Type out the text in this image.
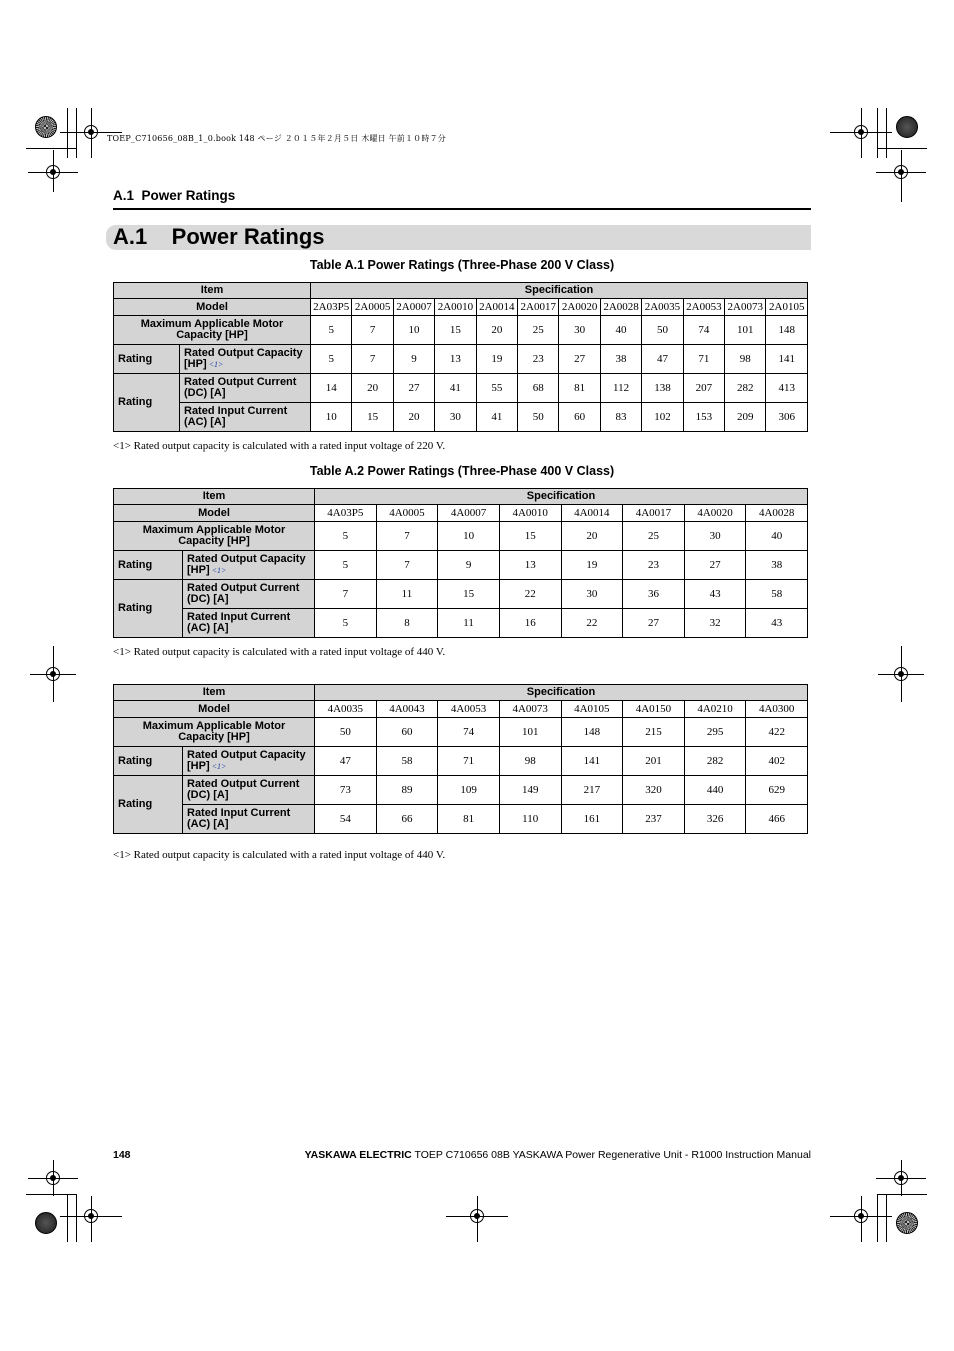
TOEP_C710656_08B_1_0.book 148 ページ ２０１５年２月５日 木曜日 午前１０時７分
A.1  Power Ratings
A.1    Power Ratings
Table A.1 Power Ratings (Three-Phase 200 V Class)
Item		Specification											
Model		2A03P5	2A0005	2A0007	2A0010	2A0014	2A0017	2A0020	2A0028	2A0035	2A0053	2A0073	2A0105
Maximum Applicable Motor Capacity [HP]		5	7	10	15	20	25	30	40	50	74	101	148
Rating	Rated Output Capacity [HP] <1>	5	7	9	13	19	23	27	38	47	71	98	141
Rating	Rated Output Current (DC) [A]	14	20	27	41	55	68	81	112	138	207	282	413
	Rated Input Current (AC) [A]	10	15	20	30	41	50	60	83	102	153	209	306
<1> Rated output capacity is calculated with a rated input voltage of 220 V.
Table A.2 Power Ratings (Three-Phase 400 V Class)
Item		Specification							
Model		4A03P5	4A0005	4A0007	4A0010	4A0014	4A0017	4A0020	4A0028
Maximum Applicable Motor Capacity [HP]		5	7	10	15	20	25	30	40
Rating	Rated Output Capacity [HP] <1>	5	7	9	13	19	23	27	38
Rating	Rated Output Current (DC) [A]	7	11	15	22	30	36	43	58
	Rated Input Current (AC) [A]	5	8	11	16	22	27	32	43
<1> Rated output capacity is calculated with a rated input voltage of 440 V.
Item		Specification							
Model		4A0035	4A0043	4A0053	4A0073	4A0105	4A0150	4A0210	4A0300
Maximum Applicable Motor Capacity [HP]		50	60	74	101	148	215	295	422
Rating	Rated Output Capacity [HP] <1>	47	58	71	98	141	201	282	402
Rating	Rated Output Current (DC) [A]	73	89	109	149	217	320	440	629
	Rated Input Current (AC) [A]	54	66	81	110	161	237	326	466
<1> Rated output capacity is calculated with a rated input voltage of 440 V.
148	YASKAWA ELECTRIC TOEP C710656 08B YASKAWA Power Regenerative Unit - R1000 Instruction Manual
